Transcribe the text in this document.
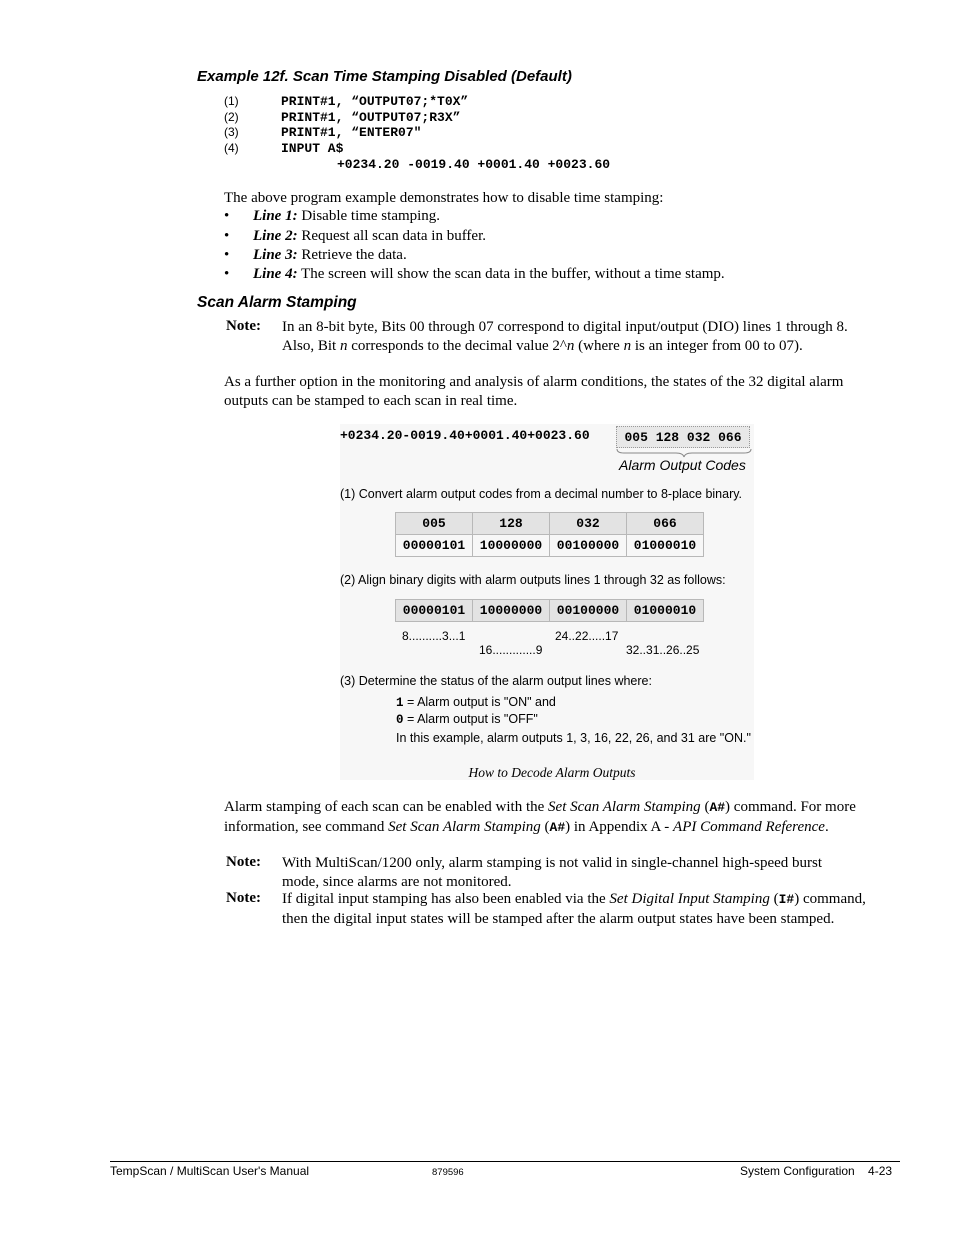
Example 12f. Scan Time Stamping Disabled (Default)
(1)	PRINT#1, “OUTPUT07;*T0X”
(2)	PRINT#1, “OUTPUT07;R3X”
(3)	PRINT#1, “ENTER07"
(4)	INPUT A$
+0234.20 -0019.40 +0001.40 +0023.60
The above program example demonstrates how to disable time stamping:
• Line 1: Disable time stamping.
• Line 2: Request all scan data in buffer.
• Line 3: Retrieve the data.
• Line 4: The screen will show the scan data in the buffer, without a time stamp.
Scan Alarm Stamping
Note: In an 8-bit byte, Bits 00 through 07 correspond to digital input/output (DIO) lines 1 through 8. Also, Bit n corresponds to the decimal value 2^n (where n is an integer from 00 to 07).
As a further option in the monitoring and analysis of alarm conditions, the states of the 32 digital alarm outputs can be stamped to each scan in real time.
+0234.20-0019.40+0001.40+0023.60	005 128 032 066
Alarm Output Codes
(1) Convert alarm output codes from a decimal number to 8-place binary.
005	128	032	066
00000101	10000000	00100000	01000010
(2) Align binary digits with alarm outputs lines 1 through 32 as follows:
00000101	10000000	00100000	01000010
8..........3...1
16.............9
24..22.....17
32..31..26..25
(3) Determine the status of the alarm output lines where:
1 = Alarm output is "ON" and
0 = Alarm output is "OFF"
In this example, alarm outputs 1, 3, 16, 22, 26, and 31 are "ON."
How to Decode Alarm Outputs
Alarm stamping of each scan can be enabled with the Set Scan Alarm Stamping (A#) command. For more information, see command Set Scan Alarm Stamping (A#) in Appendix A - API Command Reference.
Note: With MultiScan/1200 only, alarm stamping is not valid in single-channel high-speed burst mode, since alarms are not monitored.
Note: If digital input stamping has also been enabled via the Set Digital Input Stamping (I#) command, then the digital input states will be stamped after the alarm output states have been stamped.
TempScan / MultiScan User's Manual	879596	System Configuration    4-23
